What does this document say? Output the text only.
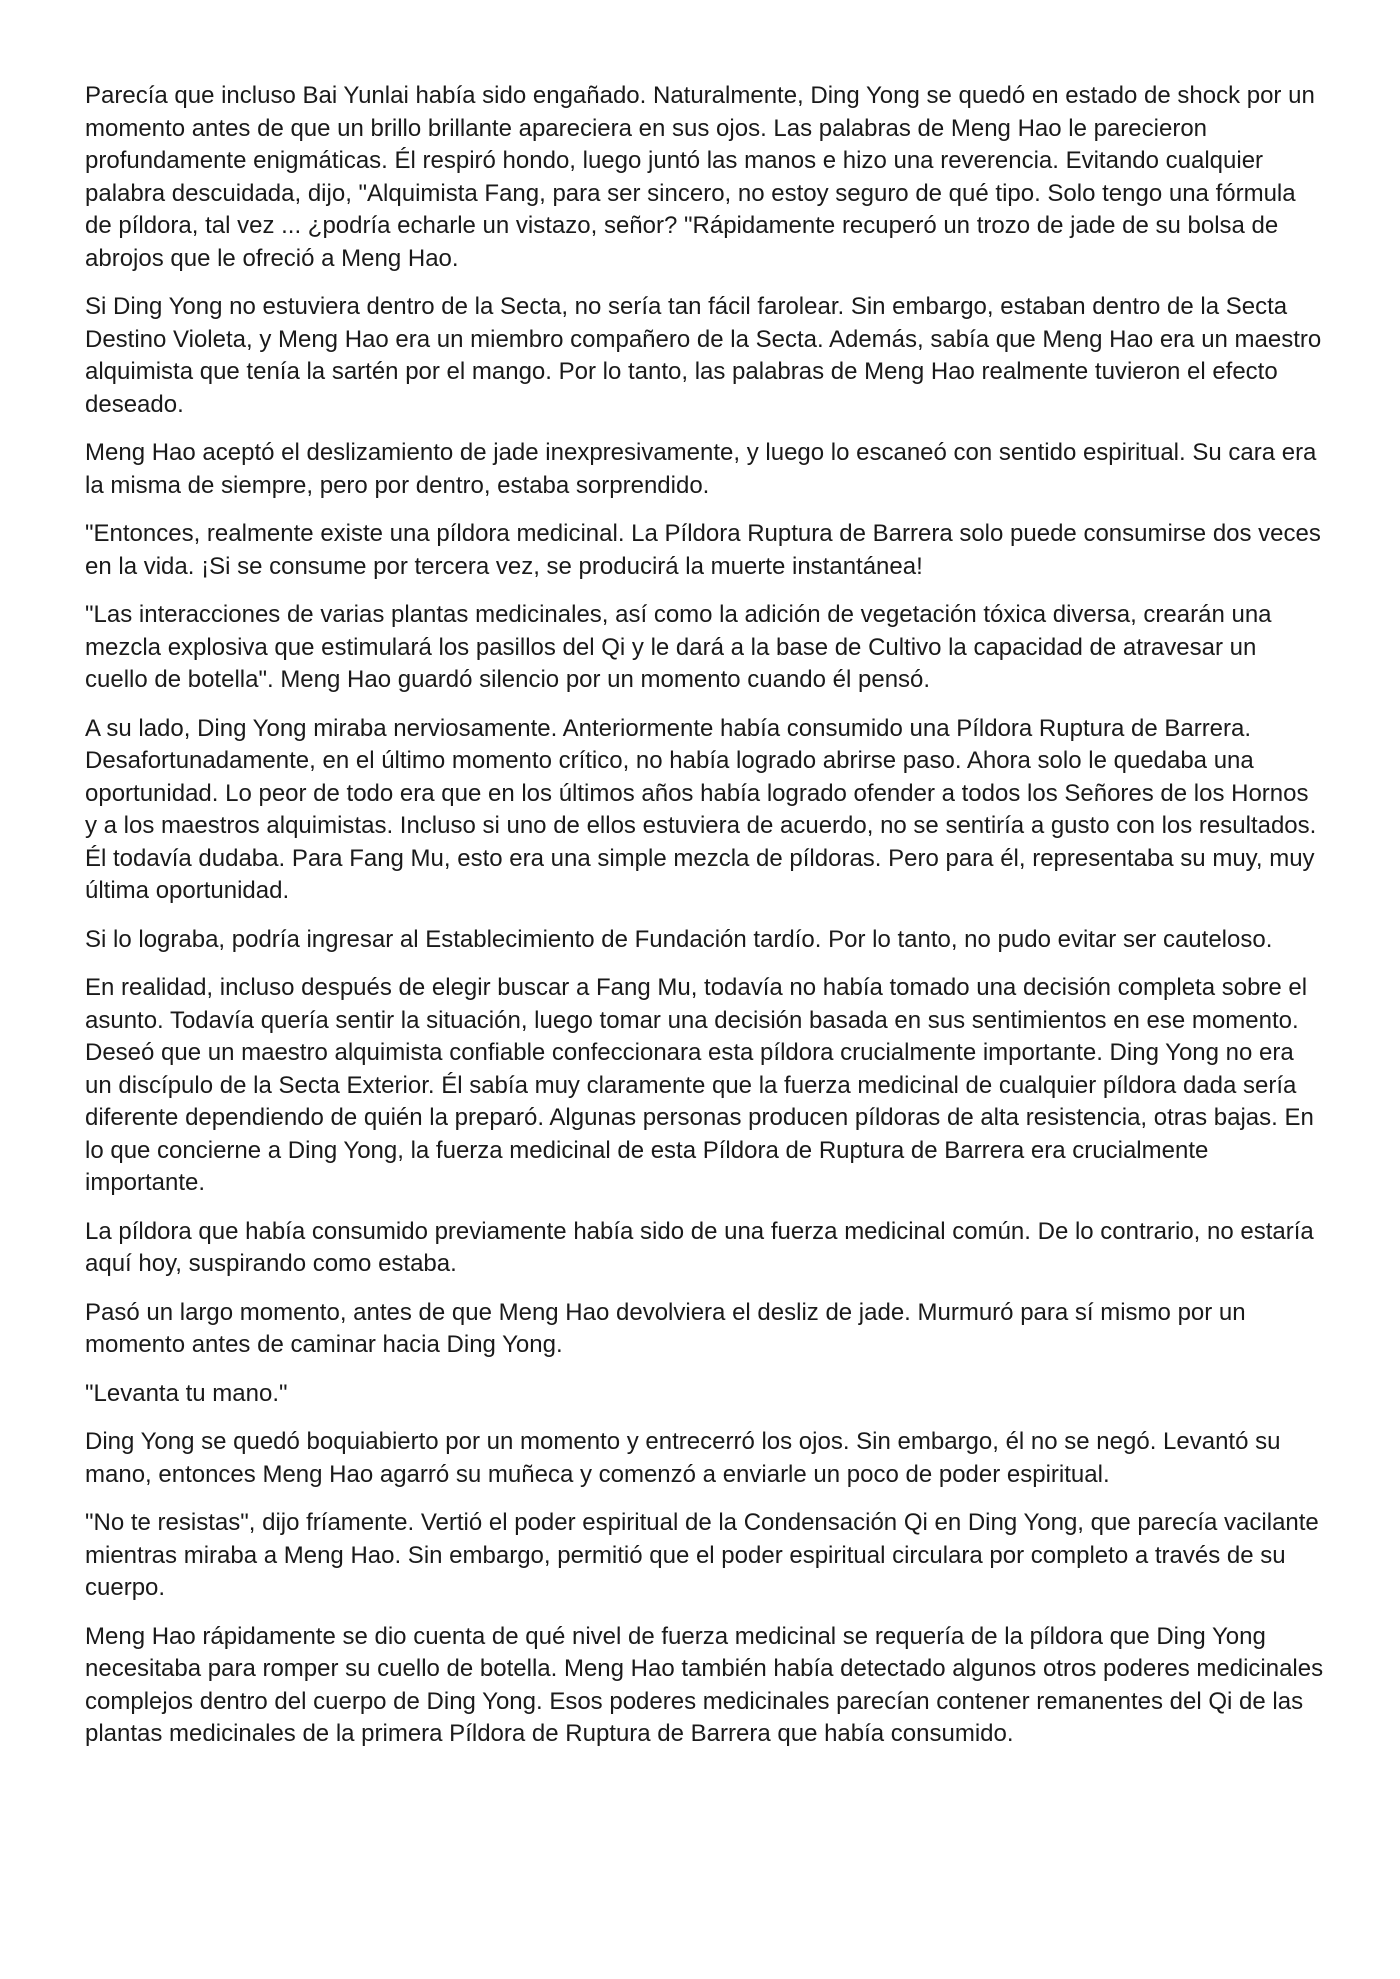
Parecía que incluso Bai Yunlai había sido engañado. Naturalmente, Ding Yong se quedó en estado de shock por un momento antes de que un brillo brillante apareciera en sus ojos. Las palabras de Meng Hao le parecieron profundamente enigmáticas. Él respiró hondo, luego juntó las manos e hizo una reverencia. Evitando cualquier palabra descuidada, dijo, "Alquimista Fang, para ser sincero, no estoy seguro de qué tipo. Solo tengo una fórmula de píldora, tal vez ... ¿podría echarle un vistazo, señor? "Rápidamente recuperó un trozo de jade de su bolsa de abrojos que le ofreció a Meng Hao.

Si Ding Yong no estuviera dentro de la Secta, no sería tan fácil farolear. Sin embargo, estaban dentro de la Secta Destino Violeta, y Meng Hao era un miembro compañero de la Secta. Además, sabía que Meng Hao era un maestro alquimista que tenía la sartén por el mango. Por lo tanto, las palabras de Meng Hao realmente tuvieron el efecto deseado.

Meng Hao aceptó el deslizamiento de jade inexpresivamente, y luego lo escaneó con sentido espiritual. Su cara era la misma de siempre, pero por dentro, estaba sorprendido.

"Entonces, realmente existe una píldora medicinal. La Píldora Ruptura de Barrera solo puede consumirse dos veces en la vida. ¡Si se consume por tercera vez, se producirá la muerte instantánea!

"Las interacciones de varias plantas medicinales, así como la adición de vegetación tóxica diversa, crearán una mezcla explosiva que estimulará los pasillos del Qi y le dará a la base de Cultivo la capacidad de atravesar un cuello de botella". Meng Hao guardó silencio por un momento cuando él pensó.

A su lado, Ding Yong miraba nerviosamente. Anteriormente había consumido una Píldora Ruptura de Barrera. Desafortunadamente, en el último momento crítico, no había logrado abrirse paso. Ahora solo le quedaba una oportunidad. Lo peor de todo era que en los últimos años había logrado ofender a todos los Señores de los Hornos y a los maestros alquimistas. Incluso si uno de ellos estuviera de acuerdo, no se sentiría a gusto con los resultados. Él todavía dudaba. Para Fang Mu, esto era una simple mezcla de píldoras. Pero para él, representaba su muy, muy última oportunidad.

Si lo lograba, podría ingresar al Establecimiento de Fundación tardío. Por lo tanto, no pudo evitar ser cauteloso.

En realidad, incluso después de elegir buscar a Fang Mu, todavía no había tomado una decisión completa sobre el asunto. Todavía quería sentir la situación, luego tomar una decisión basada en sus sentimientos en ese momento. Deseó que un maestro alquimista confiable confeccionara esta píldora crucialmente importante. Ding Yong no era un discípulo de la Secta Exterior. Él sabía muy claramente que la fuerza medicinal de cualquier píldora dada sería diferente dependiendo de quién la preparó. Algunas personas producen píldoras de alta resistencia, otras bajas. En lo que concierne a Ding Yong, la fuerza medicinal de esta Píldora de Ruptura de Barrera era crucialmente importante.

La píldora que había consumido previamente había sido de una fuerza medicinal común. De lo contrario, no estaría aquí hoy, suspirando como estaba.

Pasó un largo momento, antes de que Meng Hao devolviera el desliz de jade. Murmuró para sí mismo por un momento antes de caminar hacia Ding Yong.

"Levanta tu mano."

Ding Yong se quedó boquiabierto por un momento y entrecerró los ojos. Sin embargo, él no se negó. Levantó su mano, entonces Meng Hao agarró su muñeca y comenzó a enviarle un poco de poder espiritual.

"No te resistas", dijo fríamente. Vertió el poder espiritual de la Condensación Qi en Ding Yong, que parecía vacilante mientras miraba a Meng Hao. Sin embargo, permitió que el poder espiritual circulara por completo a través de su cuerpo.

Meng Hao rápidamente se dio cuenta de qué nivel de fuerza medicinal se requería de la píldora que Ding Yong necesitaba para romper su cuello de botella. Meng Hao también había detectado algunos otros poderes medicinales complejos dentro del cuerpo de Ding Yong. Esos poderes medicinales parecían contener remanentes del Qi de las plantas medicinales de la primera Píldora de Ruptura de Barrera que había consumido.
